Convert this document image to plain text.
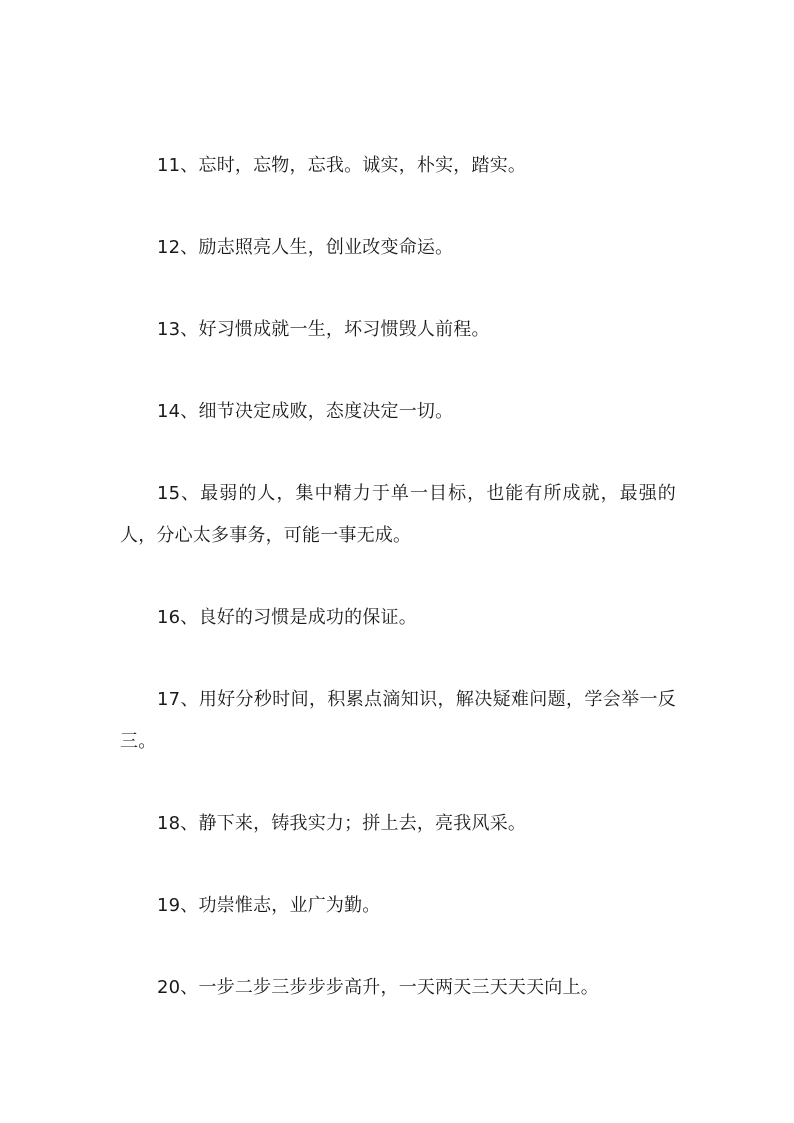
11、忘时，忘物，忘我。诚实，朴实，踏实。

12、励志照亮人生，创业改变命运。

13、好习惯成就一生，坏习惯毁人前程。

14、细节决定成败，态度决定一切。

15、最弱的人，集中精力于单一目标，也能有所成就，最强的人，分心太多事务，可能一事无成。

16、良好的习惯是成功的保证。

17、用好分秒时间，积累点滴知识，解决疑难问题，学会举一反三。

18、静下来，铸我实力；拼上去，亮我风采。

19、功崇惟志，业广为勤。

20、一步二步三步步步高升，一天两天三天天天向上。
